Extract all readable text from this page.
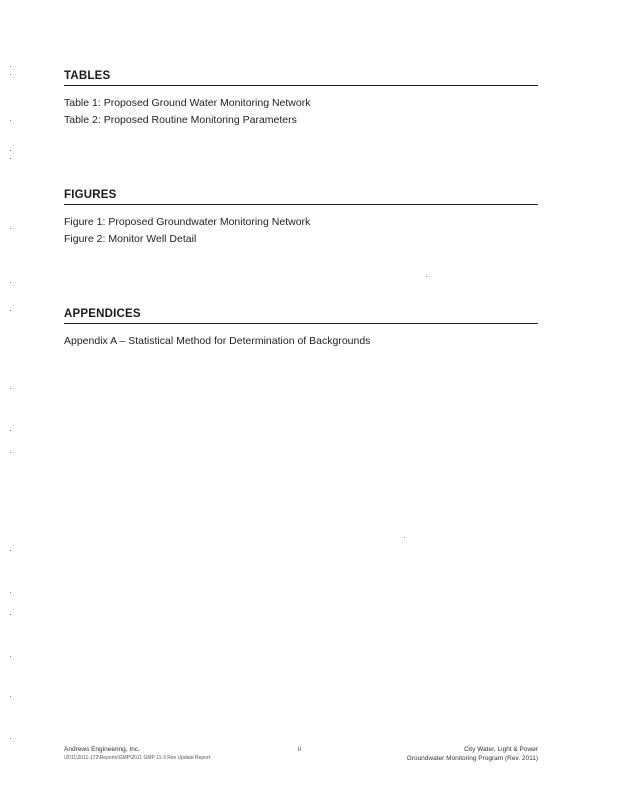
TABLES
Table 1: Proposed Ground Water Monitoring Network
Table 2: Proposed Routine Monitoring Parameters
FIGURES
Figure 1: Proposed Groundwater Monitoring Network
Figure 2: Monitor Well Detail
APPENDICES
Appendix A – Statistical Method for Determination of Backgrounds
Andrews Engineering, Inc.
\2011\2011-172\Reports\GMP\2011 GMP 11-3 Rev Update Report
ii	City Water, Light & Power
Groundwater Monitoring Program (Rev. 2011)
